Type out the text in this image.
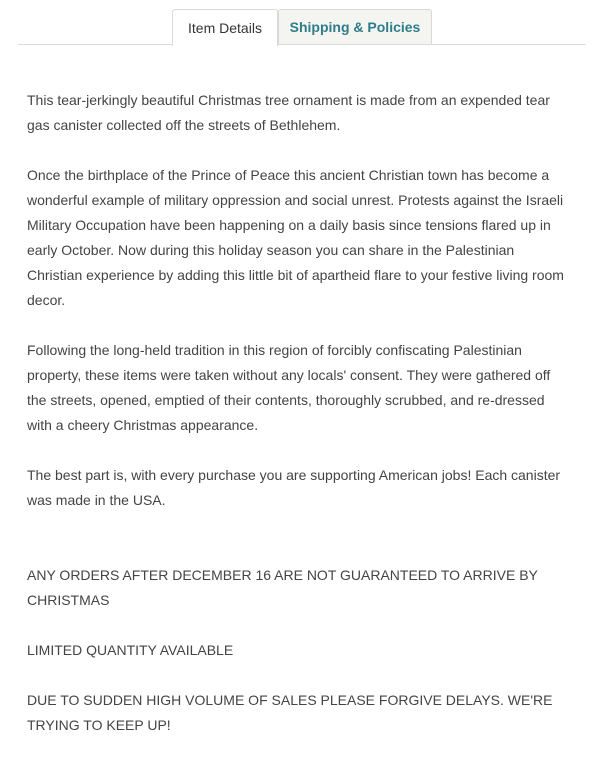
Item Details	Shipping & Policies

This tear-jerkingly beautiful Christmas tree ornament is made from an expended tear gas canister collected off the streets of Bethlehem.

Once the birthplace of the Prince of Peace this ancient Christian town has become a wonderful example of military oppression and social unrest. Protests against the Israeli Military Occupation have been happening on a daily basis since tensions flared up in early October. Now during this holiday season you can share in the Palestinian Christian experience by adding this little bit of apartheid flare to your festive living room decor.

Following the long-held tradition in this region of forcibly confiscating Palestinian property, these items were taken without any locals' consent. They were gathered off the streets, opened, emptied of their contents, thoroughly scrubbed, and re-dressed with a cheery Christmas appearance.

The best part is, with every purchase you are supporting American jobs! Each canister was made in the USA.

ANY ORDERS AFTER DECEMBER 16 ARE NOT GUARANTEED TO ARRIVE BY CHRISTMAS

LIMITED QUANTITY AVAILABLE

DUE TO SUDDEN HIGH VOLUME OF SALES PLEASE FORGIVE DELAYS. WE'RE TRYING TO KEEP UP!
